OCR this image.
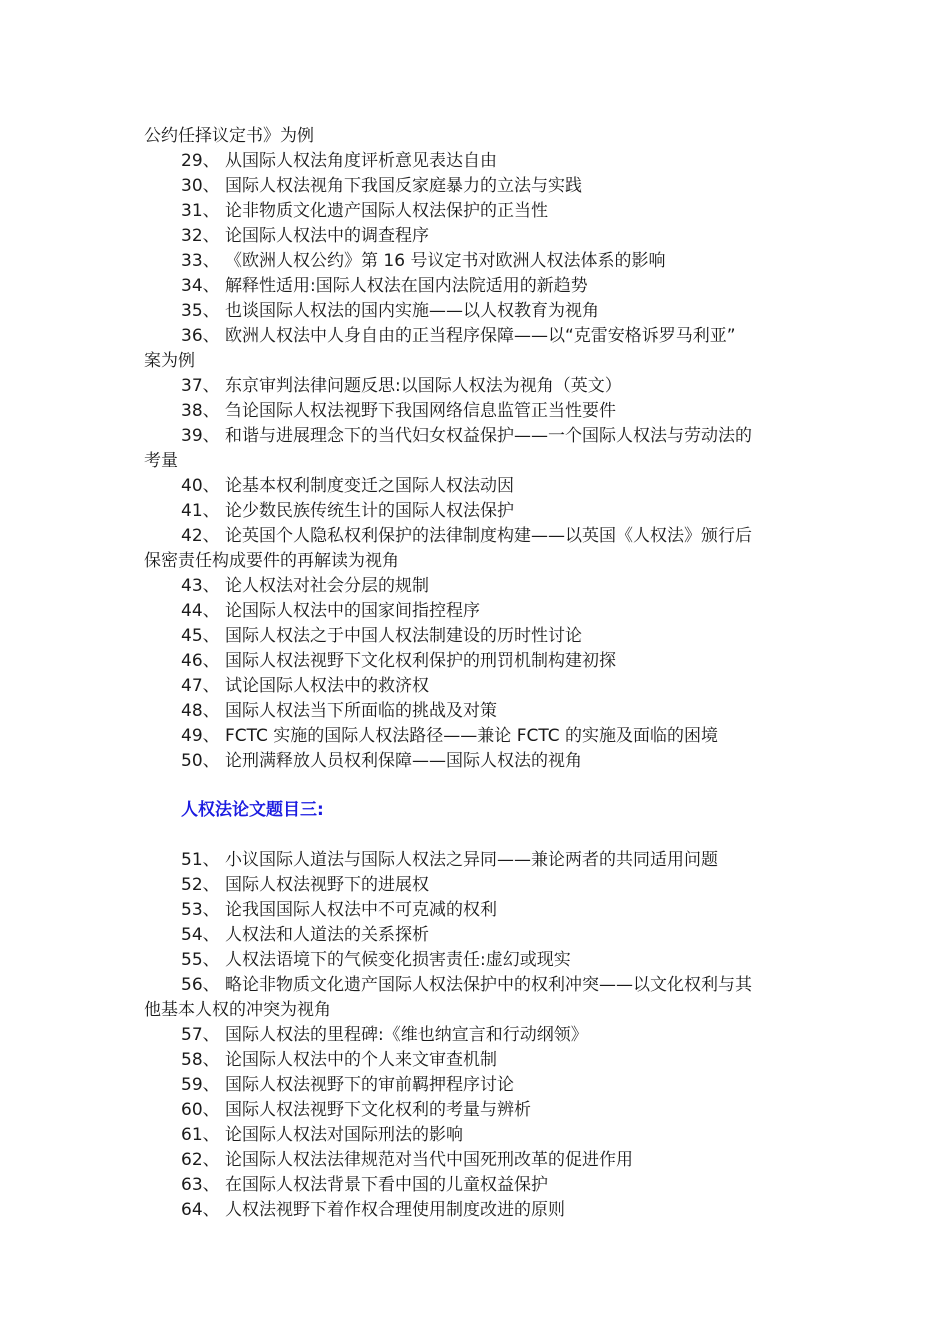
公约任择议定书》为例
29、 从国际人权法角度评析意见表达自由
30、 国际人权法视角下我国反家庭暴力的立法与实践
31、 论非物质文化遗产国际人权法保护的正当性
32、 论国际人权法中的调查程序
33、 《欧洲人权公约》第 16 号议定书对欧洲人权法体系的影响
34、 解释性适用:国际人权法在国内法院适用的新趋势
35、 也谈国际人权法的国内实施——以人权教育为视角
36、 欧洲人权法中人身自由的正当程序保障——以“克雷安格诉罗马利亚”
案为例
37、 东京审判法律问题反思:以国际人权法为视角（英文）
38、 刍论国际人权法视野下我国网络信息监管正当性要件
39、 和谐与进展理念下的当代妇女权益保护——一个国际人权法与劳动法的
考量
40、 论基本权利制度变迁之国际人权法动因
41、 论少数民族传统生计的国际人权法保护
42、 论英国个人隐私权利保护的法律制度构建——以英国《人权法》颁行后
保密责任构成要件的再解读为视角
43、 论人权法对社会分层的规制
44、 论国际人权法中的国家间指控程序
45、 国际人权法之于中国人权法制建设的历时性讨论
46、 国际人权法视野下文化权利保护的刑罚机制构建初探
47、 试论国际人权法中的救济权
48、 国际人权法当下所面临的挑战及对策
49、 FCTC 实施的国际人权法路径——兼论 FCTC 的实施及面临的困境
50、 论刑满释放人员权利保障——国际人权法的视角
人权法论文题目三:
51、 小议国际人道法与国际人权法之异同——兼论两者的共同适用问题
52、 国际人权法视野下的进展权
53、 论我国国际人权法中不可克减的权利
54、 人权法和人道法的关系探析
55、 人权法语境下的气候变化损害责任:虚幻或现实
56、 略论非物质文化遗产国际人权法保护中的权利冲突——以文化权利与其
他基本人权的冲突为视角
57、 国际人权法的里程碑:《维也纳宣言和行动纲领》
58、 论国际人权法中的个人来文审查机制
59、 国际人权法视野下的审前羁押程序讨论
60、 国际人权法视野下文化权利的考量与辨析
61、 论国际人权法对国际刑法的影响
62、 论国际人权法法律规范对当代中国死刑改革的促进作用
63、 在国际人权法背景下看中国的儿童权益保护
64、 人权法视野下着作权合理使用制度改进的原则
